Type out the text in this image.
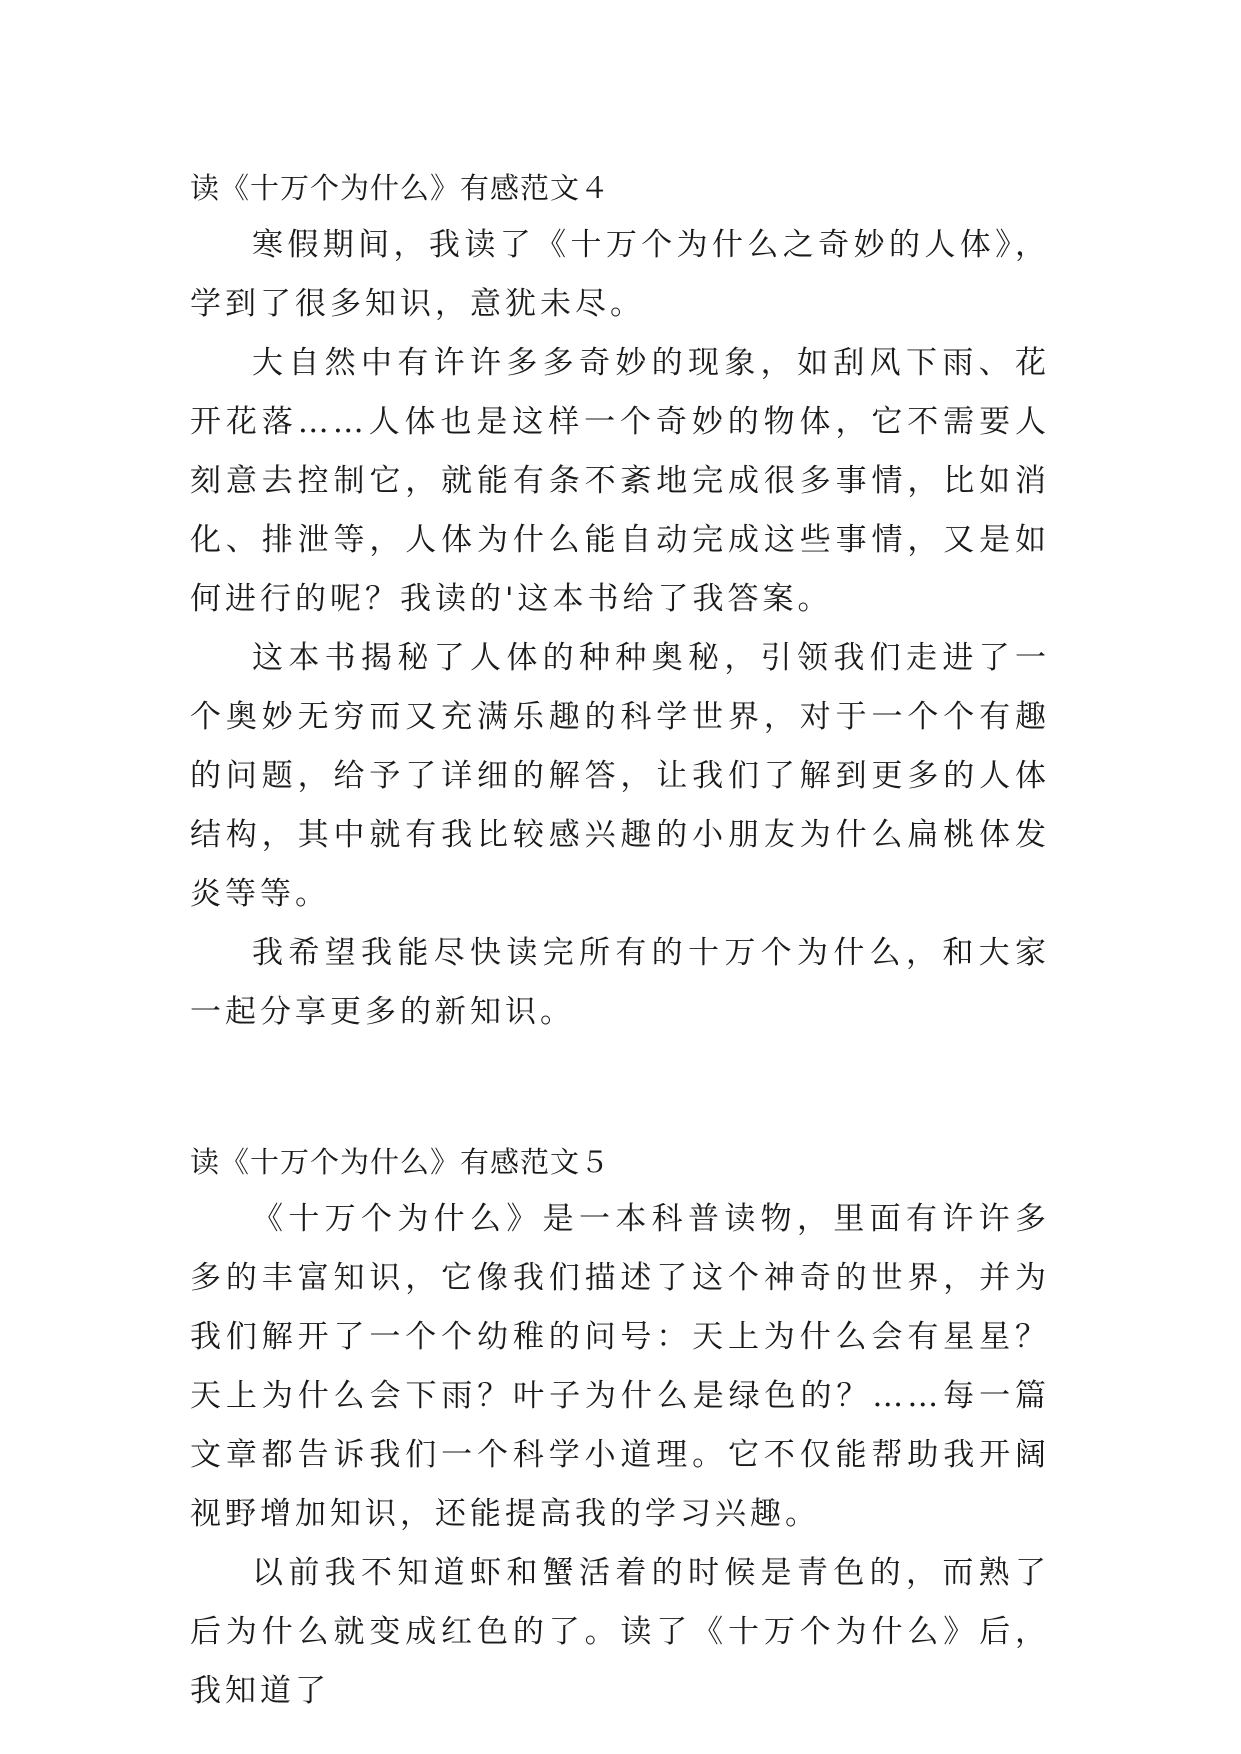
读《十万个为什么》有感范文４

寒假期间，我读了《十万个为什么之奇妙的人体》，学到了很多知识，意犹未尽。

大自然中有许许多多奇妙的现象，如刮风下雨、花开花落……人体也是这样一个奇妙的物体，它不需要人刻意去控制它，就能有条不紊地完成很多事情，比如消化、排泄等，人体为什么能自动完成这些事情，又是如何进行的呢？我读的'这本书给了我答案。

这本书揭秘了人体的种种奥秘，引领我们走进了一个奥妙无穷而又充满乐趣的科学世界，对于一个个有趣的问题，给予了详细的解答，让我们了解到更多的人体结构，其中就有我比较感兴趣的小朋友为什么扁桃体发炎等等。

我希望我能尽快读完所有的十万个为什么，和大家一起分享更多的新知识。

读《十万个为什么》有感范文５

《十万个为什么》是一本科普读物，里面有许许多多的丰富知识，它像我们描述了这个神奇的世界，并为我们解开了一个个幼稚的问号：天上为什么会有星星？天上为什么会下雨？叶子为什么是绿色的？……每一篇文章都告诉我们一个科学小道理。它不仅能帮助我开阔视野增加知识，还能提高我的学习兴趣。

以前我不知道虾和蟹活着的时候是青色的，而熟了后为什么就变成红色的了。读了《十万个为什么》后，我知道了
